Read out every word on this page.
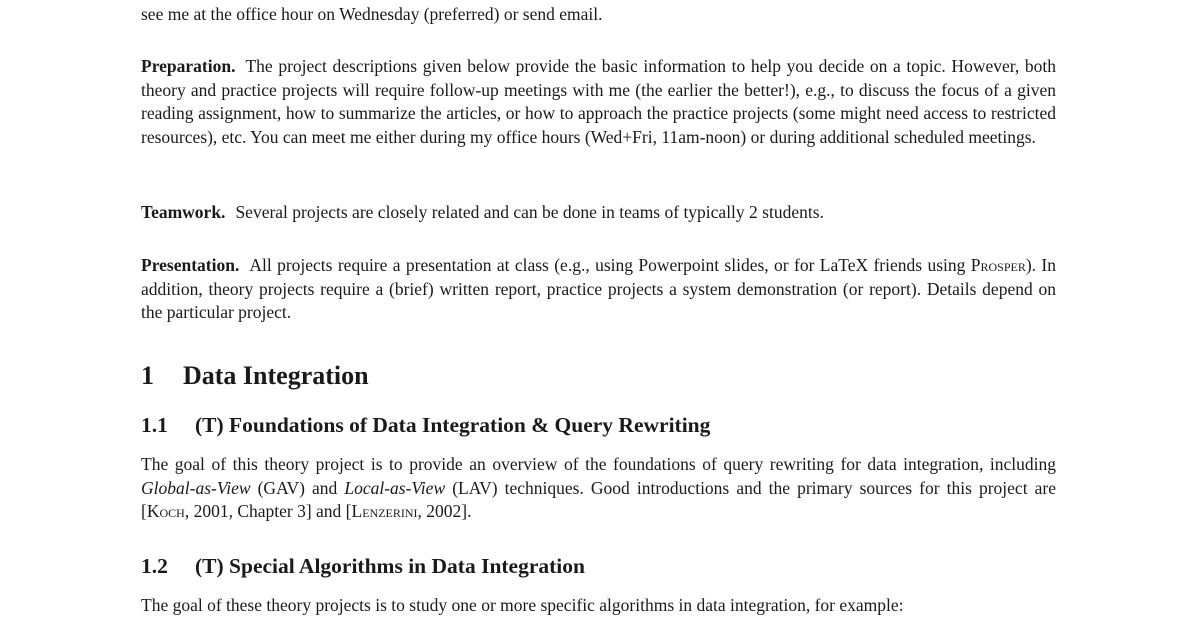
see me at the office hour on Wednesday (preferred) or send email.

Preparation. The project descriptions given below provide the basic information to help you decide on a topic. However, both theory and practice projects will require follow-up meetings with me (the earlier the better!), e.g., to discuss the focus of a given reading assignment, how to summarize the articles, or how to approach the practice projects (some might need access to restricted resources), etc. You can meet me either during my office hours (Wed+Fri, 11am-noon) or during additional scheduled meetings.

Teamwork. Several projects are closely related and can be done in teams of typically 2 students.

Presentation. All projects require a presentation at class (e.g., using Powerpoint slides, or for LaTeX friends using Prosper). In addition, theory projects require a (brief) written report, practice projects a system demonstration (or report). Details depend on the particular project.

1 Data Integration
1.1 (T) Foundations of Data Integration & Query Rewriting

The goal of this theory project is to provide an overview of the foundations of query rewriting for data integration, including Global-as-View (GAV) and Local-as-View (LAV) techniques. Good introductions and the primary sources for this project are [Koch, 2001, Chapter 3] and [Lenzerini, 2002].

1.2 (T) Special Algorithms in Data Integration

The goal of these theory projects is to study one or more specific algorithms in data integration, for example:
